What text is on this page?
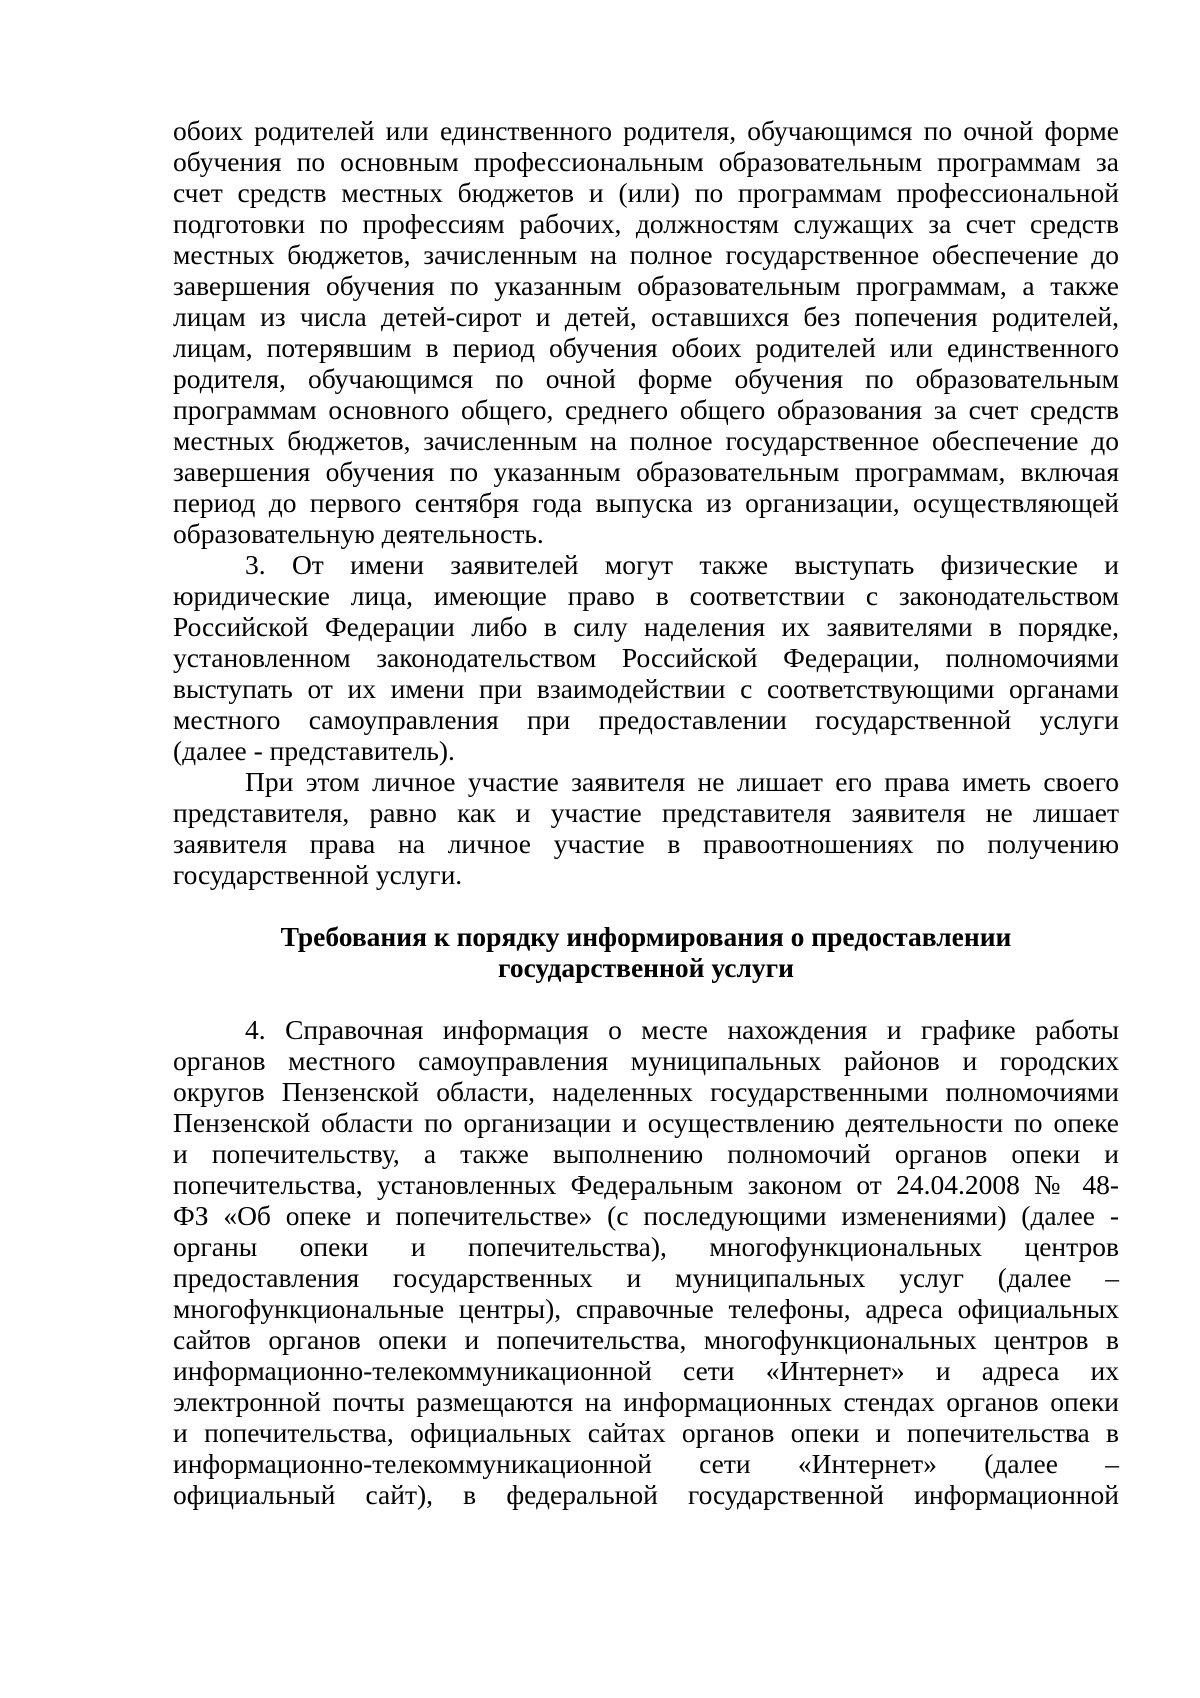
обоих родителей или единственного родителя, обучающимся по очной форме

обучения по основным профессиональным образовательным программам за

счет средств местных бюджетов и (или) по программам профессиональной

подготовки по профессиям рабочих, должностям служащих за счет средств

местных бюджетов, зачисленным на полное государственное обеспечение до

завершения обучения по указанным образовательным программам, а также

лицам из числа детей-сирот и детей, оставшихся без попечения родителей,

лицам, потерявшим в период обучения обоих родителей или единственного

родителя, обучающимся по очной форме обучения по образовательным

программам основного общего, среднего общего образования за счет средств

местных бюджетов, зачисленным на полное государственное обеспечение до

завершения обучения по указанным образовательным программам, включая

период до первого сентября года выпуска из организации, осуществляющей

образовательную деятельность.

3. От имени заявителей могут также выступать физические и

юридические лица, имеющие право в соответствии с законодательством

Российской Федерации либо в силу наделения их заявителями в порядке,

установленном законодательством Российской Федерации, полномочиями

выступать от их имени при взаимодействии с соответствующими органами

местного самоуправления при предоставлении государственной услуги

(далее - представитель).

При этом личное участие заявителя не лишает его права иметь своего

представителя, равно как и участие представителя заявителя не лишает

заявителя права на личное участие в правоотношениях по получению

государственной услуги.

Требования к порядку информирования о предоставлении

государственной услуги

4. Справочная информация о месте нахождения и графике работы

органов местного самоуправления муниципальных районов и городских

округов Пензенской области, наделенных государственными полномочиями

Пензенской области по организации и осуществлению деятельности по опеке

и попечительству, а также выполнению полномочий органов опеки и

попечительства, установленных Федеральным законом от 24.04.2008 № 48-

ФЗ «Об опеке и попечительстве» (с последующими изменениями) (далее -

органы опеки и попечительства), многофункциональных центров

предоставления государственных и муниципальных услуг (далее –

многофункциональные центры), справочные телефоны, адреса официальных

сайтов органов опеки и попечительства, многофункциональных центров в

информационно-телекоммуникационной сети «Интернет» и адреса их

электронной почты размещаются на информационных стендах органов опеки

и попечительства, официальных сайтах органов опеки и попечительства в

информационно-телекоммуникационной сети «Интернет» (далее –

официальный сайт), в федеральной государственной информационной
